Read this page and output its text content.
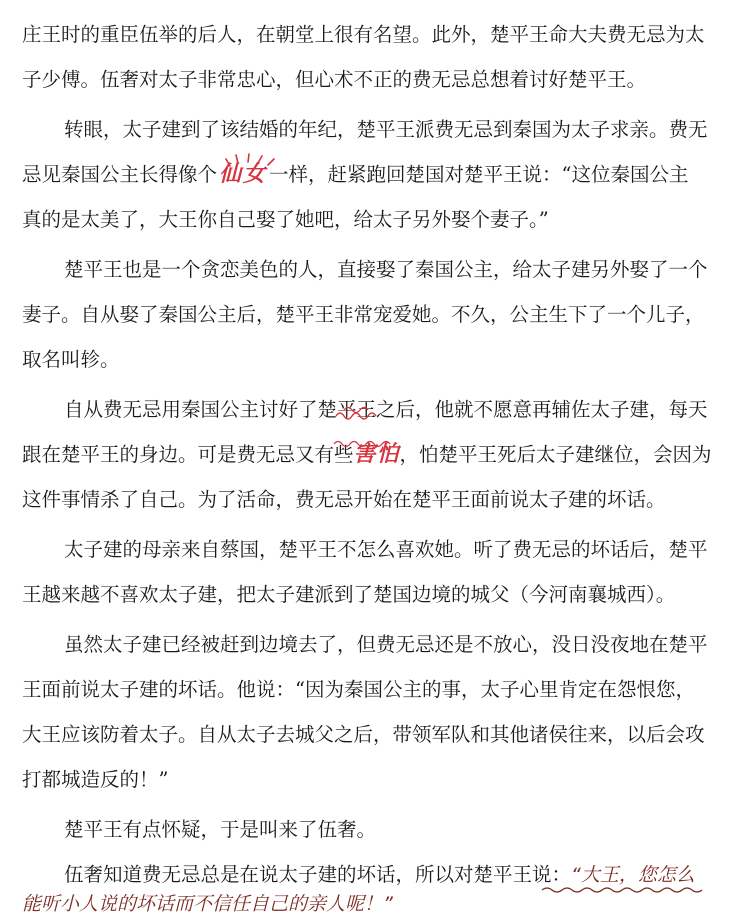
庄王时的重臣伍举的后人，在朝堂上很有名望。此外，楚平王命大夫费无忌为太
子少傅。伍奢对太子非常忠心，但心术不正的费无忌总想着讨好楚平王。
转眼，太子建到了该结婚的年纪，楚平王派费无忌到秦国为太子求亲。费无
忌见秦国公主长得像个仙女 一样，赶紧跑回楚国对楚平王说：“这位秦国公主
真的是太美了，大王你自己娶了她吧，给太子另外娶个妻子。”
楚平王也是一个贪恋美色的人，直接娶了秦国公主，给太子建另外娶了一个
妻子。自从娶了秦国公主后，楚平王非常宠爱她。不久，公主生下了一个儿子，
取名叫轸。
自从费无忌用秦国公主讨好了楚平王之后，他就不愿意再辅佐太子建，每天
跟在楚平王的身边。可是费无忌又有些害怕，怕楚平王死后太子建继位，会因为
这件事情杀了自己。为了活命，费无忌开始在楚平王面前说太子建的坏话。
太子建的母亲来自蔡国，楚平王不怎么喜欢她。听了费无忌的坏话后，楚平
王越来越不喜欢太子建，把太子建派到了楚国边境的城父（今河南襄城西）。
虽然太子建已经被赶到边境去了，但费无忌还是不放心，没日没夜地在楚平
王面前说太子建的坏话。他说：“因为秦国公主的事，太子心里肯定在怨恨您，
大王应该防着太子。自从太子去城父之后，带领军队和其他诸侯往来，以后会攻
打都城造反的！”
楚平王有点怀疑，于是叫来了伍奢。
伍奢知道费无忌总是在说太子建的坏话，所以对楚平王说：“大王，您怎么
能听小人说的坏话而不信任自己的亲人呢！”
